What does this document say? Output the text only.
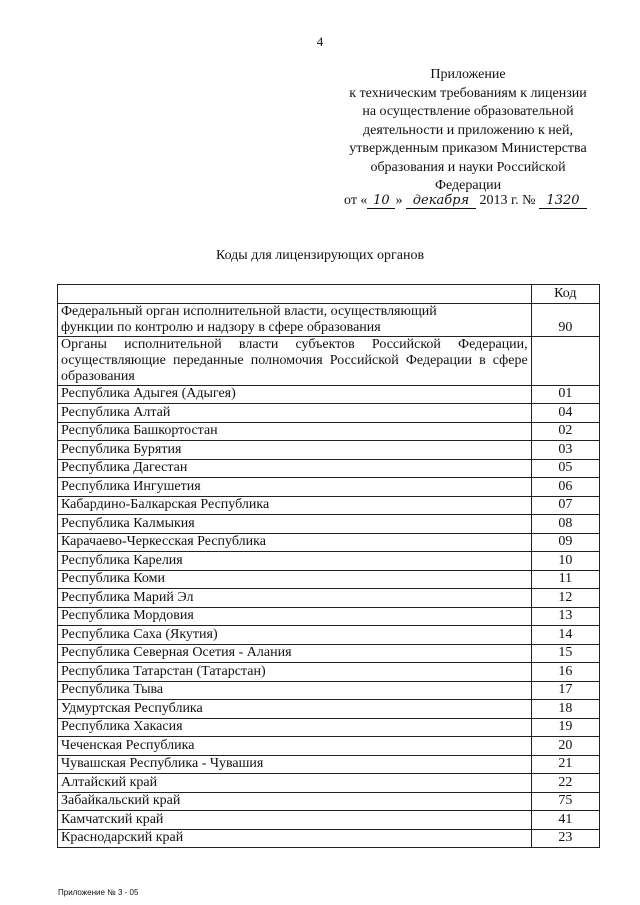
4
Приложение
к техническим требованиям к лицензии
на осуществление образовательной
деятельности и приложению к ней,
утвержденным приказом Министерства
образования и науки Российской
Федерации
от « 10 » декабря 2013 г. № 1320
Коды для лицензирующих органов
	Код

Федеральный орган исполнительной власти, осуществляющий
функции по контролю и надзору в сфере образования	90
Органы исполнительной власти субъектов Российской Федерации, осуществляющие переданные полномочия Российской Федерации в сфере образования	
Республика Адыгея (Адыгея)	01
Республика Алтай	04
Республика Башкортостан	02
Республика Бурятия	03
Республика Дагестан	05
Республика Ингушетия	06
Кабардино-Балкарская Республика	07
Республика Калмыкия	08
Карачаево-Черкесская Республика	09
Республика Карелия	10
Республика Коми	11
Республика Марий Эл	12
Республика Мордовия	13
Республика Саха (Якутия)	14
Республика Северная Осетия - Алания	15
Республика Татарстан (Татарстан)	16
Республика Тыва	17
Удмуртская Республика	18
Республика Хакасия	19
Чеченская Республика	20
Чувашская Республика - Чувашия	21
Алтайский край	22
Забайкальский край	75
Камчатский край	41
Краснодарский край	23
Приложение № 3 - 05
